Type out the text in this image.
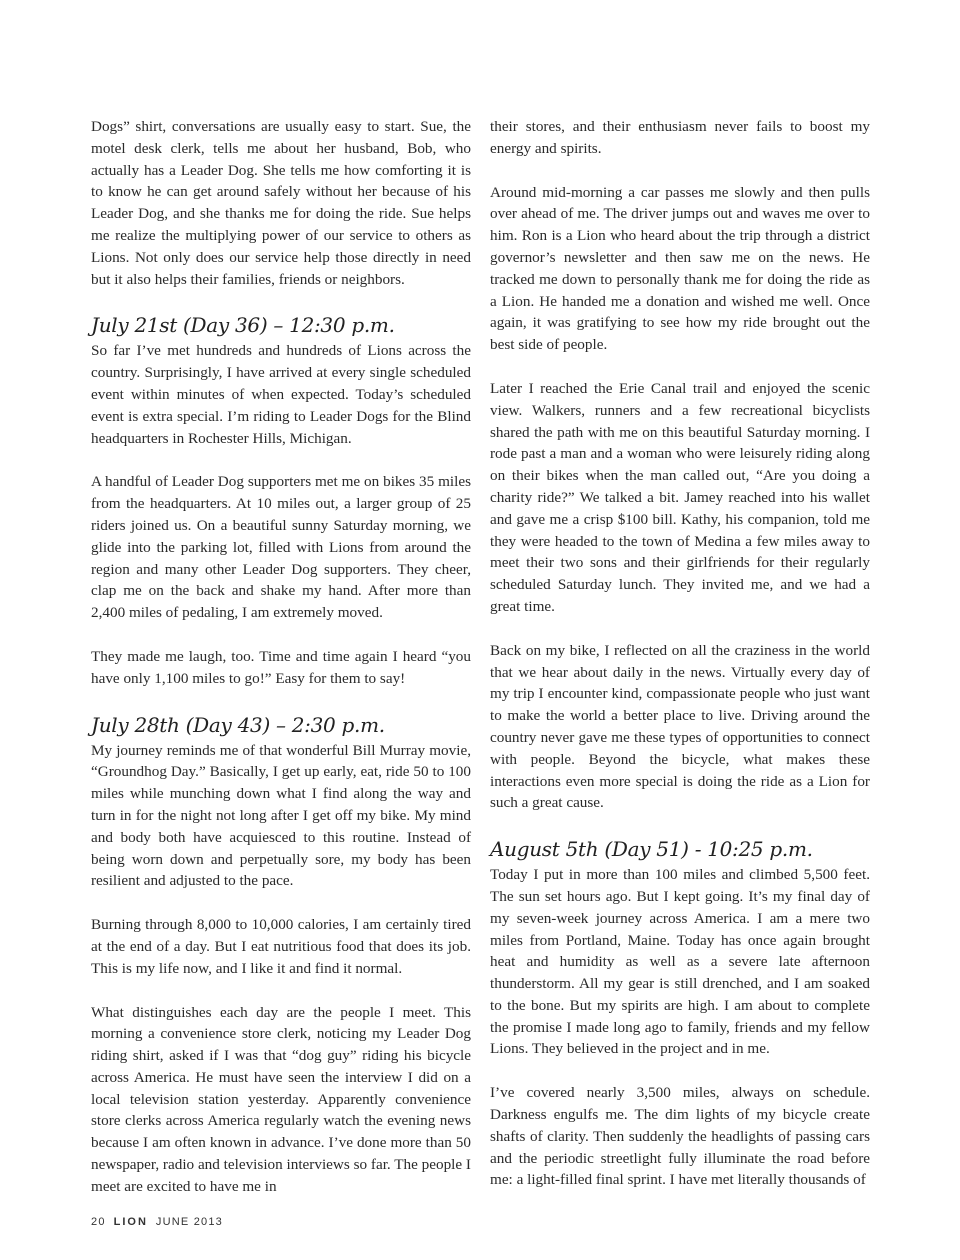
Dogs” shirt, conversations are usually easy to start. Sue, the motel desk clerk, tells me about her husband, Bob, who actually has a Leader Dog. She tells me how comforting it is to know he can get around safely without her because of his Leader Dog, and she thanks me for doing the ride. Sue helps me realize the multiplying power of our service to others as Lions. Not only does our service help those directly in need but it also helps their families, friends or neighbors.

July 21st (Day 36) – 12:30 p.m.

So far I’ve met hundreds and hundreds of Lions across the country. Surprisingly, I have arrived at every single scheduled event within minutes of when expected. Today’s scheduled event is extra special. I’m riding to Leader Dogs for the Blind headquarters in Rochester Hills, Michigan.

A handful of Leader Dog supporters met me on bikes 35 miles from the headquarters. At 10 miles out, a larger group of 25 riders joined us. On a beautiful sunny Saturday morning, we glide into the parking lot, filled with Lions from around the region and many other Leader Dog supporters. They cheer, clap me on the back and shake my hand. After more than 2,400 miles of pedaling, I am extremely moved.

They made me laugh, too. Time and time again I heard “you have only 1,100 miles to go!” Easy for them to say!

July 28th (Day 43) – 2:30 p.m.

My journey reminds me of that wonderful Bill Murray movie, “Groundhog Day.” Basically, I get up early, eat, ride 50 to 100 miles while munching down what I find along the way and turn in for the night not long after I get off my bike. My mind and body both have acquiesced to this routine. Instead of being worn down and perpetually sore, my body has been resilient and adjusted to the pace.

Burning through 8,000 to 10,000 calories, I am certainly tired at the end of a day. But I eat nutritious food that does its job. This is my life now, and I like it and find it normal.

What distinguishes each day are the people I meet. This morning a convenience store clerk, noticing my Leader Dog riding shirt, asked if I was that “dog guy” riding his bicycle across America. He must have seen the interview I did on a local television station yesterday. Apparently convenience store clerks across America regularly watch the evening news because I am often known in advance. I’ve done more than 50 newspaper, radio and television interviews so far. The people I meet are excited to have me in

their stores, and their enthusiasm never fails to boost my energy and spirits.

Around mid-morning a car passes me slowly and then pulls over ahead of me. The driver jumps out and waves me over to him. Ron is a Lion who heard about the trip through a district governor’s newsletter and then saw me on the news. He tracked me down to personally thank me for doing the ride as a Lion. He handed me a donation and wished me well. Once again, it was gratifying to see how my ride brought out the best side of people.

Later I reached the Erie Canal trail and enjoyed the scenic view. Walkers, runners and a few recreational bicyclists shared the path with me on this beautiful Saturday morning. I rode past a man and a woman who were leisurely riding along on their bikes when the man called out, “Are you doing a charity ride?” We talked a bit. Jamey reached into his wallet and gave me a crisp $100 bill. Kathy, his companion, told me they were headed to the town of Medina a few miles away to meet their two sons and their girlfriends for their regularly scheduled Saturday lunch. They invited me, and we had a great time.

Back on my bike, I reflected on all the craziness in the world that we hear about daily in the news. Virtually every day of my trip I encounter kind, compassionate people who just want to make the world a better place to live. Driving around the country never gave me these types of opportunities to connect with people. Beyond the bicycle, what makes these interactions even more special is doing the ride as a Lion for such a great cause.

August 5th (Day 51) - 10:25 p.m.

Today I put in more than 100 miles and climbed 5,500 feet. The sun set hours ago. But I kept going. It’s my final day of my seven-week journey across America. I am a mere two miles from Portland, Maine. Today has once again brought heat and humidity as well as a severe late afternoon thunderstorm. All my gear is still drenched, and I am soaked to the bone. But my spirits are high. I am about to complete the promise I made long ago to family, friends and my fellow Lions. They believed in the project and in me.

I’ve covered nearly 3,500 miles, always on schedule. Darkness engulfs me. The dim lights of my bicycle create shafts of clarity. Then suddenly the headlights of passing cars and the periodic streetlight fully illuminate the road before me: a light-filled final sprint. I have met literally thousands of

20 LION JUNE 2013
